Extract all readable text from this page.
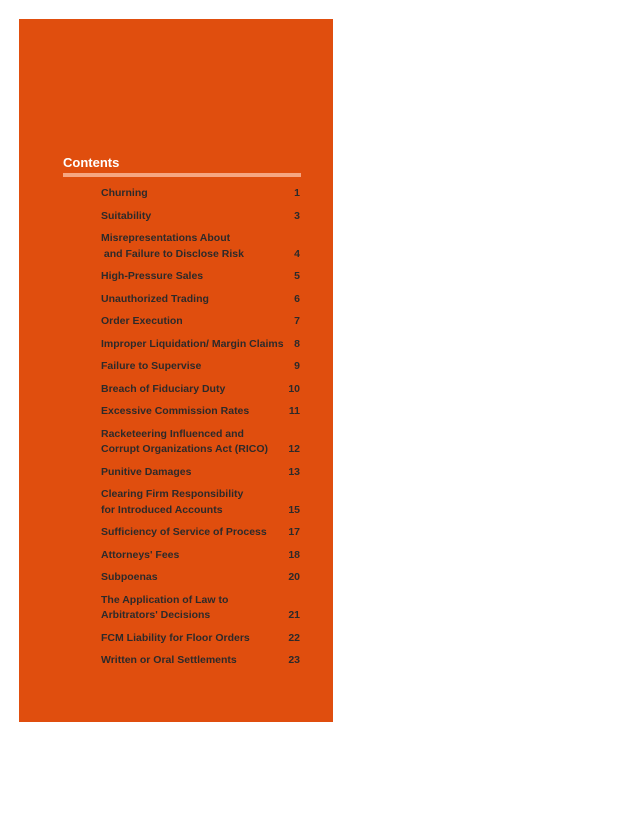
Contents
Churning	1
Suitability	3
Misrepresentations About
and Failure to Disclose Risk	4
High-Pressure Sales	5
Unauthorized Trading	6
Order Execution	7
Improper Liquidation/ Margin Claims 8
Failure to Supervise	9
Breach of Fiduciary Duty	10
Excessive Commission Rates	11
Racketeering Influenced and
Corrupt Organizations Act (RICO) 12
Punitive Damages	13
Clearing Firm Responsibility
for Introduced Accounts	15
Sufficiency of Service of Process	17
Attorneys' Fees	18
Subpoenas	20
The Application of Law to
Arbitrators' Decisions	21
FCM Liability for Floor Orders	22
Written or Oral Settlements	23
